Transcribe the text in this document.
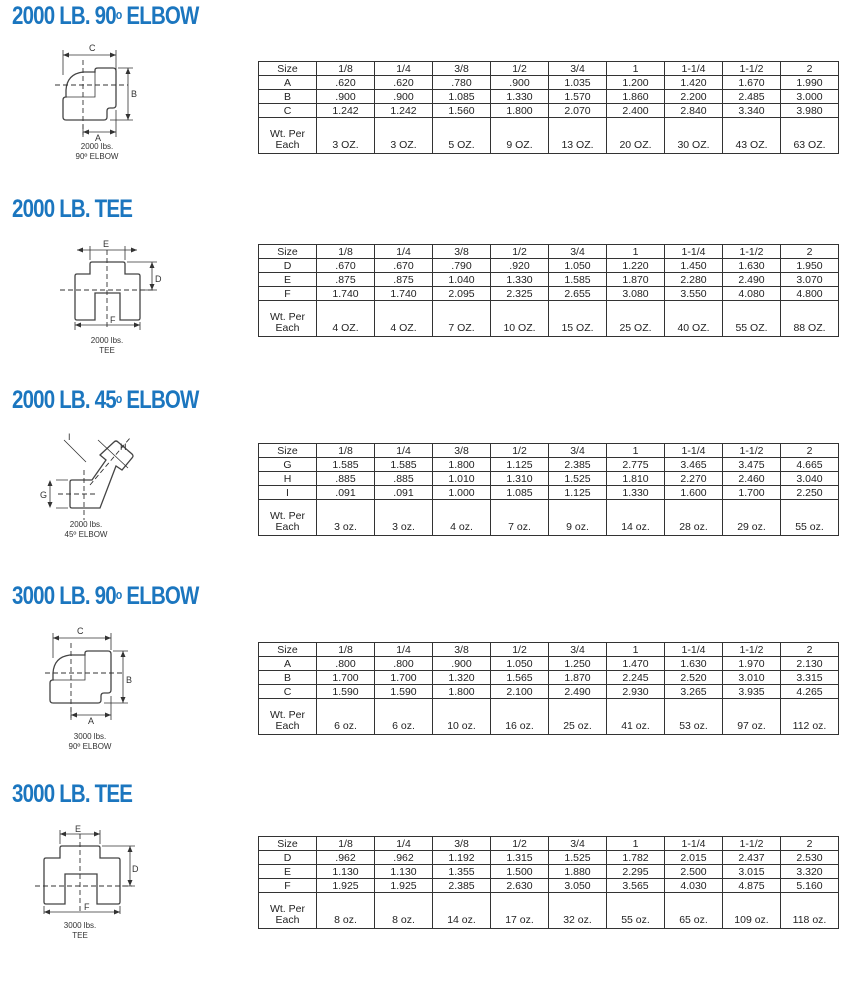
2000 LB. 90$^o$ ELBOW
2000 LB. TEE
2000 LB. 45$^o$ ELBOW
3000 LB. 90$^o$ ELBOW
3000 LB. TEE
C
B
A
2000 lbs.
90º ELBOW
E
D
F
2000 lbs.
TEE
I
H
G
2000 lbs.
45º ELBOW
C
B
A
3000 lbs.
90º ELBOW
E
D
F
3000 lbs.
TEE
Size	1/8	1/4	3/8	1/2	3/4	1	1-1/4	1-1/2	2
A	.620	.620	.780	.900	1.035	1.200	1.420	1.670	1.990
B	.900	.900	1.085	1.330	1.570	1.860	2.200	2.485	3.000
C	1.242	1.242	1.560	1.800	2.070	2.400	2.840	3.340	3.980
Wt. Per Each	3 OZ.	3 OZ.	5 OZ.	9 OZ.	13 OZ.	20 OZ.	30 OZ.	43 OZ.	63 OZ.
Size	1/8	1/4	3/8	1/2	3/4	1	1-1/4	1-1/2	2
D	.670	.670	.790	.920	1.050	1.220	1.450	1.630	1.950
E	.875	.875	1.040	1.330	1.585	1.870	2.280	2.490	3.070
F	1.740	1.740	2.095	2.325	2.655	3.080	3.550	4.080	4.800
Wt. Per Each	4 OZ.	4 OZ.	7 OZ.	10 OZ.	15 OZ.	25 OZ.	40 OZ.	55 OZ.	88 OZ.
Size	1/8	1/4	3/8	1/2	3/4	1	1-1/4	1-1/2	2
G	1.585	1.585	1.800	1.125	2.385	2.775	3.465	3.475	4.665
H	.885	.885	1.010	1.310	1.525	1.810	2.270	2.460	3.040
I	.091	.091	1.000	1.085	1.125	1.330	1.600	1.700	2.250
Wt. Per Each	3 oz.	3 oz.	4 oz.	7 oz.	9 oz.	14 oz.	28 oz.	29 oz.	55 oz.
Size	1/8	1/4	3/8	1/2	3/4	1	1-1/4	1-1/2	2
A	.800	.800	.900	1.050	1.250	1.470	1.630	1.970	2.130
B	1.700	1.700	1.320	1.565	1.870	2.245	2.520	3.010	3.315
C	1.590	1.590	1.800	2.100	2.490	2.930	3.265	3.935	4.265
Wt. Per Each	6 oz.	6 oz.	10 oz.	16 oz.	25 oz.	41 oz.	53 oz.	97 oz.	112 oz.
Size	1/8	1/4	3/8	1/2	3/4	1	1-1/4	1-1/2	2
D	.962	.962	1.192	1.315	1.525	1.782	2.015	2.437	2.530
E	1.130	1.130	1.355	1.500	1.880	2.295	2.500	3.015	3.320
F	1.925	1.925	2.385	2.630	3.050	3.565	4.030	4.875	5.160
Wt. Per Each	8 oz.	8 oz.	14 oz.	17 oz.	32 oz.	55 oz.	65 oz.	109 oz.	118 oz.
